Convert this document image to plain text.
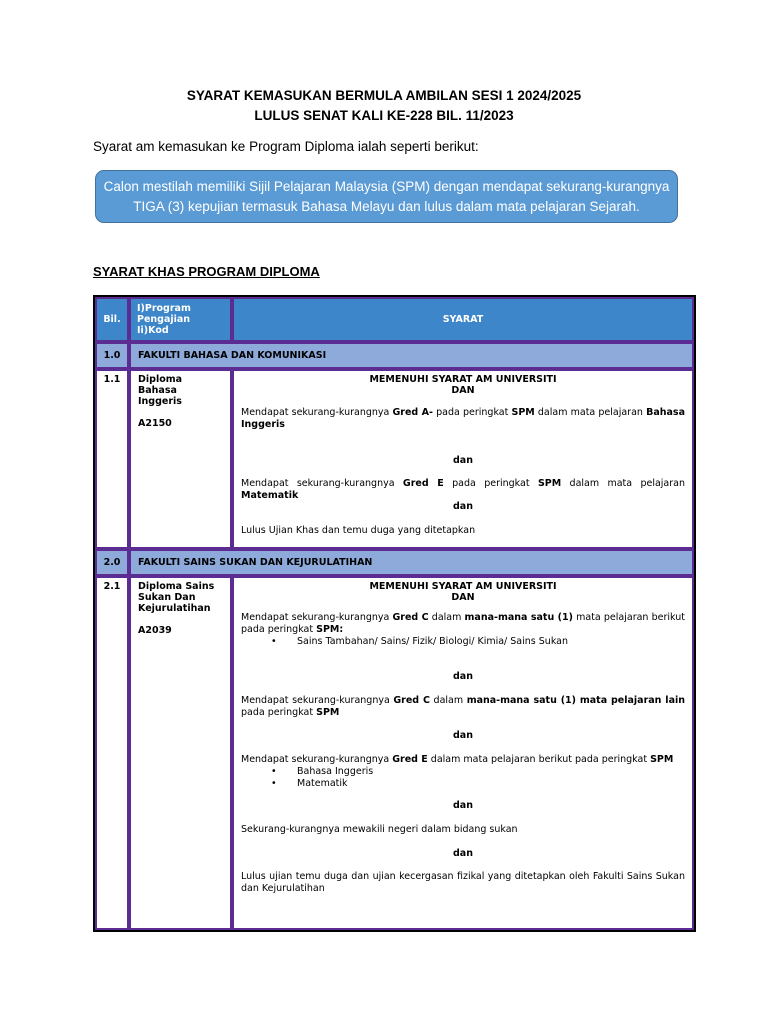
SYARAT KEMASUKAN BERMULA AMBILAN SESI 1 2024/2025
LULUS SENAT KALI KE-228 BIL. 11/2023
Syarat am kemasukan ke Program Diploma ialah seperti berikut:
Calon mestilah memiliki Sijil Pelajaran Malaysia (SPM) dengan mendapat sekurang-kurangnya
TIGA (3) kepujian termasuk Bahasa Melayu dan lulus dalam mata pelajaran Sejarah.
SYARAT KHAS PROGRAM DIPLOMA
Bil.
I)Program
Pengajian
Ii)Kod
SYARAT
1.0 FAKULTI BAHASA DAN KOMUNIKASI
1.1	Diploma Bahasa
Inggeris
A2150
MEMENUHI SYARAT AM UNIVERSITI
DAN
Mendapat sekurang-kurangnya Gred A- pada peringkat SPM dalam mata pelajaran Bahasa Inggeris
dan
Mendapat sekurang-kurangnya Gred E pada peringkat SPM dalam mata pelajaran Matematik
dan
Lulus Ujian Khas dan temu duga yang ditetapkan
2.0 FAKULTI SAINS SUKAN DAN KEJURULATIHAN
2.1	Diploma Sains
Sukan Dan
Kejurulatihan
A2039
MEMENUHI SYARAT AM UNIVERSITI
DAN
Mendapat sekurang-kurangnya Gred C dalam mana-mana satu (1) mata pelajaran berikut pada peringkat SPM:
• Sains Tambahan/ Sains/ Fizik/ Biologi/ Kimia/ Sains Sukan
dan
Mendapat sekurang-kurangnya Gred C dalam mana-mana satu (1) mata pelajaran lain pada peringkat SPM
dan
Mendapat sekurang-kurangnya Gred E dalam mata pelajaran berikut pada peringkat SPM
• Bahasa Inggeris
• Matematik
dan
Sekurang-kurangnya mewakili negeri dalam bidang sukan
dan
Lulus ujian temu duga dan ujian kecergasan fizikal yang ditetapkan oleh Fakulti Sains Sukan dan Kejurulatihan
